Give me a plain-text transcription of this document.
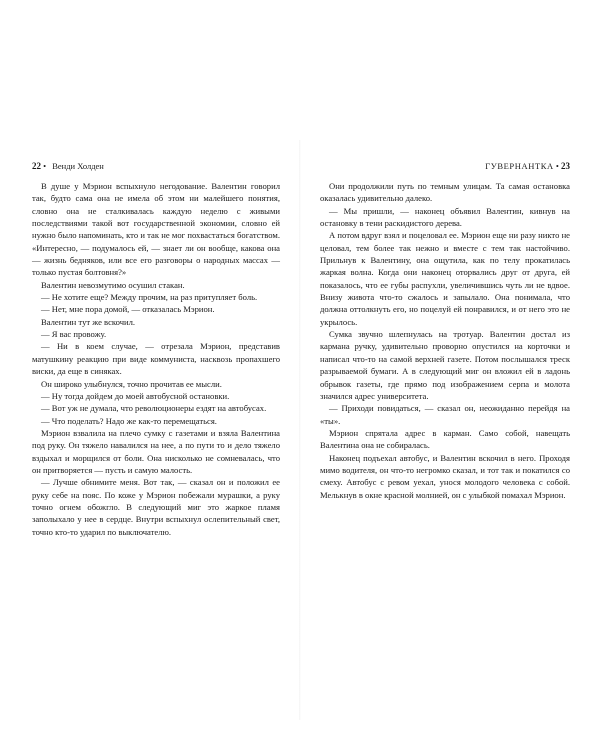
22 • Венди Холден

В душе у Мэрион вспыхнуло негодование. Валентин говорил так, будто сама она не имела об этом ни малейшего понятия, словно она не сталкивалась каждую неделю с живыми последствиями такой вот государственной экономии, словно ей нужно было напоминать, кто и так не мог похвастаться богатством. «Интересно, — подумалось ей, — знает ли он вообще, какова она — жизнь бедняков, или все его разговоры о народных массах — только пустая болтовня?»

Валентин невозмутимо осушил стакан.

— Не хотите еще? Между прочим, на раз притупляет боль.

— Нет, мне пора домой, — отказалась Мэрион.

Валентин тут же вскочил.

— Я вас провожу.

— Ни в коем случае, — отрезала Мэрион, представив матушкину реакцию при виде коммуниста, насквозь пропахшего виски, да еще в синяках.

Он широко улыбнулся, точно прочитав ее мысли.

— Ну тогда дойдем до моей автобусной остановки.

— Вот уж не думала, что революционеры ездят на автобусах.

— Что поделать? Надо же как-то перемещаться.

Мэрион взвалила на плечо сумку с газетами и взяла Валентина под руку. Он тяжело навалился на нее, а по пути то и дело тяжело вздыхал и морщился от боли. Она нисколько не сомневалась, что он притворяется — пусть и самую малость.

— Лучше обнимите меня. Вот так, — сказал он и положил ее руку себе на пояс. По коже у Мэрион побежали мурашки, а руку точно огнем обожгло. В следующий миг это жаркое пламя заполыхало у нее в сердце. Внутри вспыхнул ослепительный свет, точно кто-то ударил по выключателю.

ГУВЕРНАНТКА • 23

Они продолжили путь по темным улицам. Та самая остановка оказалась удивительно далеко.

— Мы пришли, — наконец объявил Валентин, кивнув на остановку в тени раскидистого дерева.

А потом вдруг взял и поцеловал ее. Мэрион еще ни разу никто не целовал, тем более так нежно и вместе с тем так настойчиво. Прильнув к Валентину, она ощутила, как по телу прокатилась жаркая волна. Когда они наконец оторвались друг от друга, ей показалось, что ее губы распухли, увеличившись чуть ли не вдвое. Внизу живота что-то сжалось и запылало. Она понимала, что должна оттолкнуть его, но поцелуй ей понравился, и от него это не укрылось.

Сумка звучно шлепнулась на тротуар. Валентин достал из кармана ручку, удивительно проворно опустился на корточки и написал что-то на самой верхней газете. Потом послышался треск разрываемой бумаги. А в следующий миг он вложил ей в ладонь обрывок газеты, где прямо под изображением серпа и молота значился адрес университета.

— Приходи повидаться, — сказал он, неожиданно перейдя на «ты».

Мэрион спрятала адрес в карман. Само собой, навещать Валентина она не собиралась.

Наконец подъехал автобус, и Валентин вскочил в него. Проходя мимо водителя, он что-то негромко сказал, и тот так и покатился со смеху. Автобус с ревом уехал, унося молодого человека с собой. Мелькнув в окне красной молнией, он с улыбкой помахал Мэрион.
